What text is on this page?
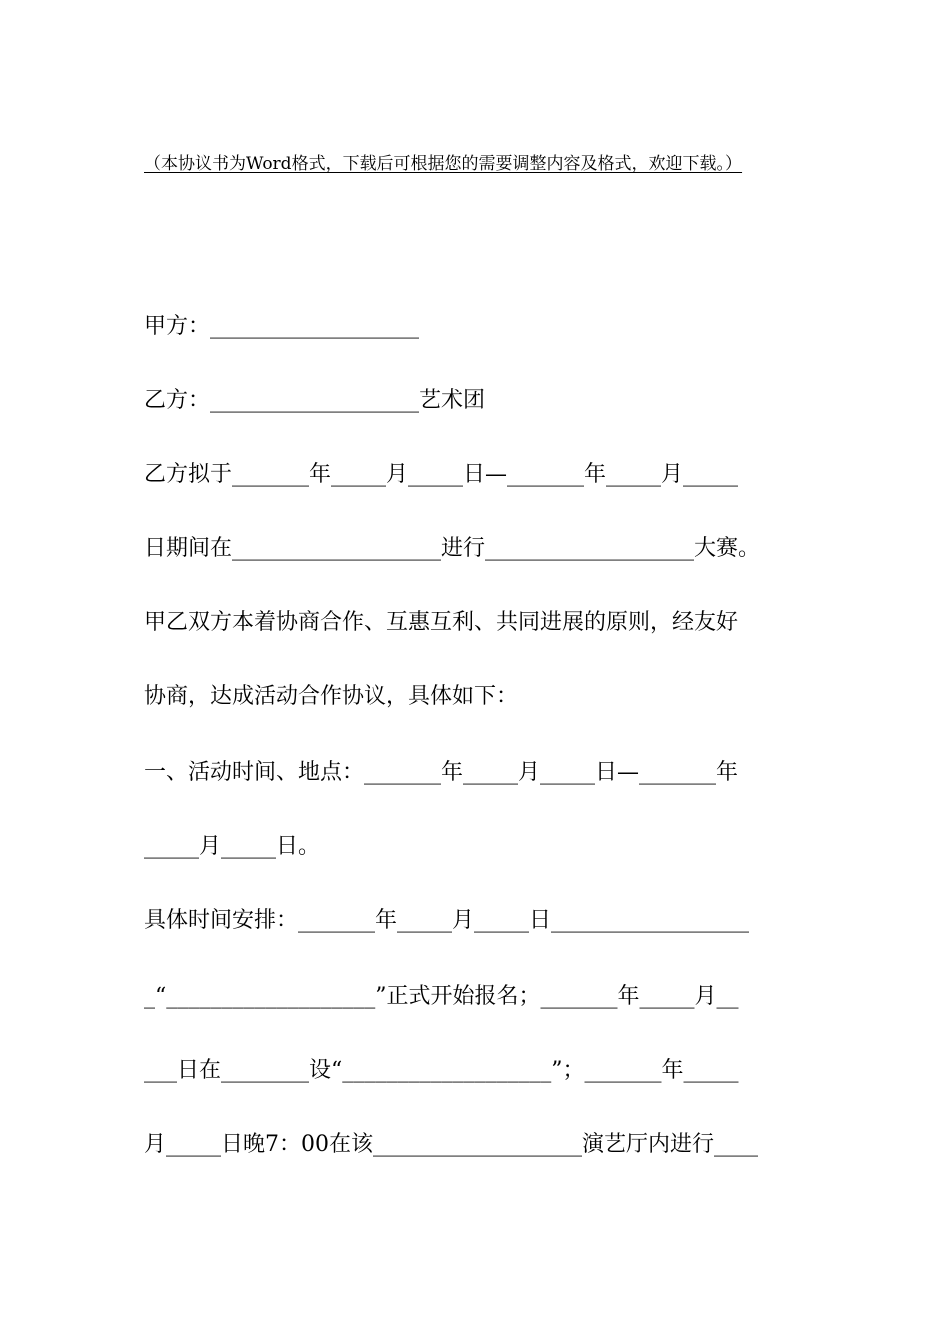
（本协议书为Word格式，下载后可根据您的需要调整内容及格式，欢迎下载。）
甲方：___________________
乙方：___________________艺术团
乙方拟于_______年_____月_____日—_______年_____月_____
日期间在___________________进行___________________大赛。
甲乙双方本着协商合作、互惠互利、共同进展的原则，经友好
协商，达成活动合作协议，具体如下：
一、活动时间、地点：_______年_____月_____日—_______年
_____月_____日。
具体时间安排：_______年_____月_____日__________________
_“___________________”正式开始报名；_______年_____月__
___日在________设“___________________”；_______年_____
月_____日晚7：00在该___________________演艺厅内进行____
